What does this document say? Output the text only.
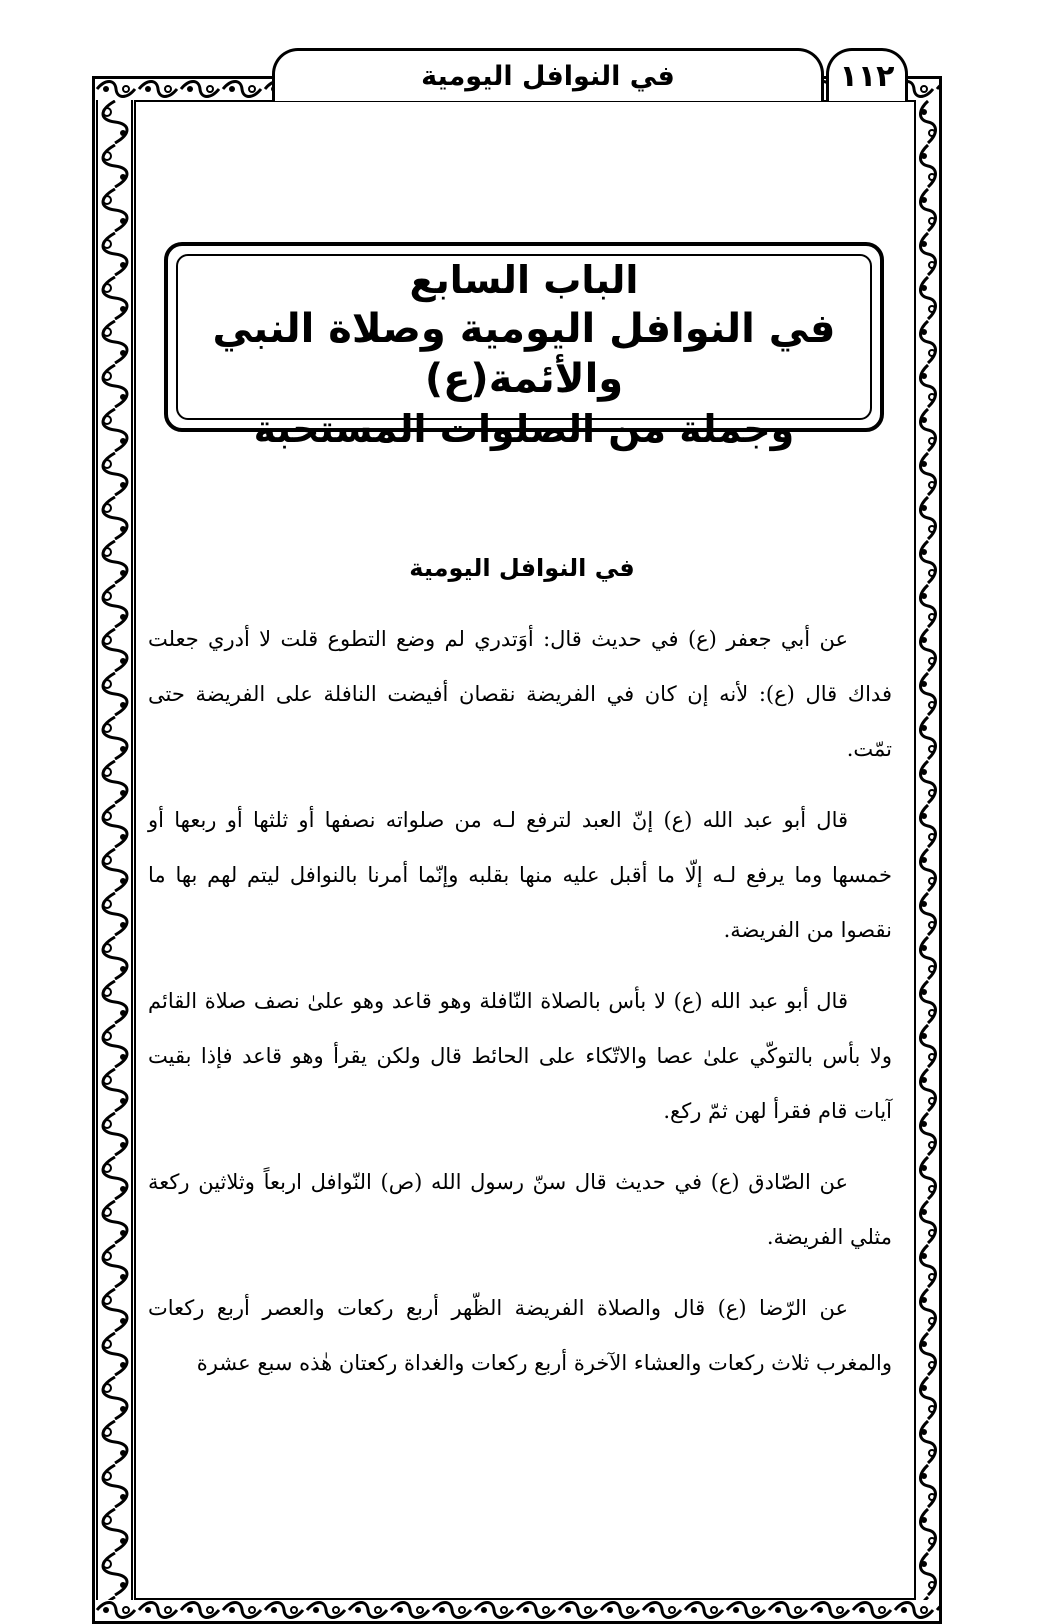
في النوافل اليومية	١١٢
الباب السابع
في النوافل اليومية وصلاة النبي والأئمة(ع)
وجملة من الصلوات المستحبة
في النوافل اليومية

عن أبي جعفر (ع) في حديث قال: أوَتدري لم وضع التطوع قلت لا أدري جعلت فداك قال (ع): لأنه إن كان في الفريضة نقصان أفيضت النافلة على الفريضة حتى تمّت.

قال أبو عبد الله (ع) إنّ العبد لترفع لـه من صلواته نصفها أو ثلثها أو ربعها أو خمسها وما يرفع لـه إلّا ما أقبل عليه منها بقلبه وإنّما أمرنا بالنوافل ليتم لهم بها ما نقصوا من الفريضة.

قال أبو عبد الله (ع) لا بأس بالصلاة النّافلة وهو قاعد وهو علىٰ نصف صلاة القائم ولا بأس بالتوكّي علىٰ عصا والاتّكاء على الحائط قال ولكن يقرأ وهو قاعد فإذا بقيت آيات قام فقرأ لهن ثمّ ركع.

عن الصّادق (ع) في حديث قال سنّ رسول الله (ص) النّوافل اربعاً وثلاثين ركعة مثلي الفريضة.

عن الرّضا (ع) قال والصلاة الفريضة الظّهر أربع ركعات والعصر أربع ركعات والمغرب ثلاث ركعات والعشاء الآخرة أربع ركعات والغداة ركعتان هٰذه سبع عشرة
